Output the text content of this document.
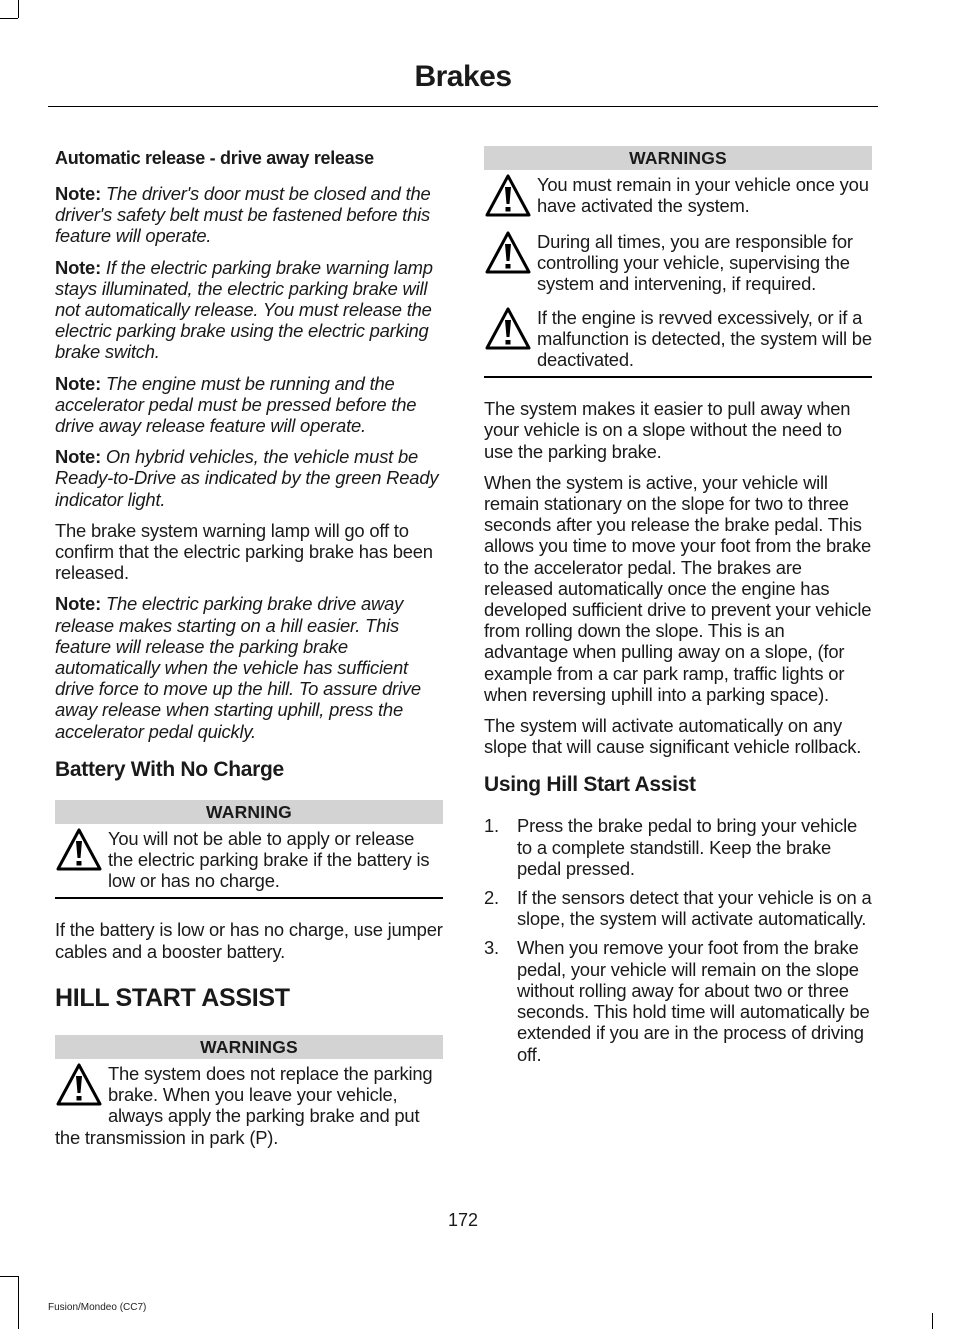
Brakes
Automatic release - drive away release

Note: The driver's door must be closed and the driver's safety belt must be fastened before this feature will operate.

Note: If the electric parking brake warning lamp stays illuminated, the electric parking brake will not automatically release. You must release the electric parking brake using the electric parking brake switch.

Note: The engine must be running and the accelerator pedal must be pressed before the drive away release feature will operate.

Note: On hybrid vehicles, the vehicle must be Ready-to-Drive as indicated by the green Ready indicator light.

The brake system warning lamp will go off to confirm that the electric parking brake has been released.

Note: The electric parking brake drive away release makes starting on a hill easier. This feature will release the parking brake automatically when the vehicle has sufficient drive force to move up the hill. To assure drive away release when starting uphill, press the accelerator pedal quickly.

Battery With No Charge
WARNING
You will not be able to apply or release the electric parking brake if the battery is low or has no charge.

If the battery is low or has no charge, use jumper cables and a booster battery.

HILL START ASSIST
WARNINGS
The system does not replace the parking brake. When you leave your vehicle, always apply the parking brake and put the transmission in park (P).
WARNINGS
You must remain in your vehicle once you have activated the system.
During all times, you are responsible for controlling your vehicle, supervising the system and intervening, if required.
If the engine is revved excessively, or if a malfunction is detected, the system will be deactivated.

The system makes it easier to pull away when your vehicle is on a slope without the need to use the parking brake.

When the system is active, your vehicle will remain stationary on the slope for two to three seconds after you release the brake pedal. This allows you time to move your foot from the brake to the accelerator pedal. The brakes are released automatically once the engine has developed sufficient drive to prevent your vehicle from rolling down the slope. This is an advantage when pulling away on a slope, (for example from a car park ramp, traffic lights or when reversing uphill into a parking space).

The system will activate automatically on any slope that will cause significant vehicle rollback.

Using Hill Start Assist
1. Press the brake pedal to bring your vehicle to a complete standstill. Keep the brake pedal pressed.
2. If the sensors detect that your vehicle is on a slope, the system will activate automatically.
3. When you remove your foot from the brake pedal, your vehicle will remain on the slope without rolling away for about two or three seconds. This hold time will automatically be extended if you are in the process of driving off.
172
Fusion/Mondeo (CC7)
